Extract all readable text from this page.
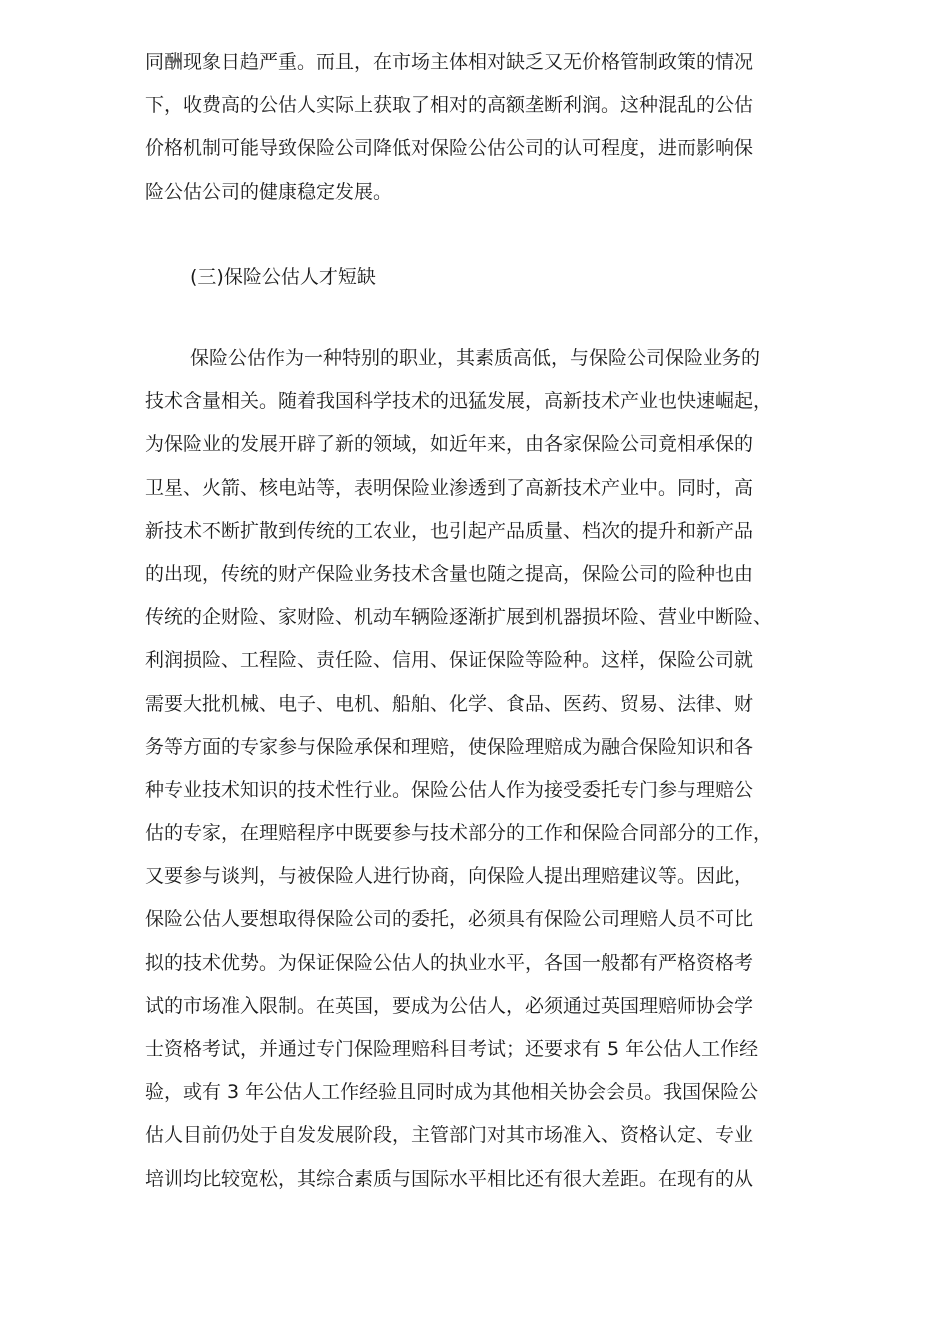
同酬现象日趋严重。而且，在市场主体相对缺乏又无价格管制政策的情况
下，收费高的公估人实际上获取了相对的高额垄断利润。这种混乱的公估
价格机制可能导致保险公司降低对保险公估公司的认可程度，进而影响保
险公估公司的健康稳定发展。
(三)保险公估人才短缺
保险公估作为一种特别的职业，其素质高低，与保险公司保险业务的
技术含量相关。随着我国科学技术的迅猛发展，高新技术产业也快速崛起，
为保险业的发展开辟了新的领域，如近年来，由各家保险公司竟相承保的
卫星、火箭、核电站等，表明保险业渗透到了高新技术产业中。同时，高
新技术不断扩散到传统的工农业，也引起产品质量、档次的提升和新产品
的出现，传统的财产保险业务技术含量也随之提高，保险公司的险种也由
传统的企财险、家财险、机动车辆险逐渐扩展到机器损坏险、营业中断险、
利润损险、工程险、责任险、信用、保证保险等险种。这样，保险公司就
需要大批机械、电子、电机、船舶、化学、食品、医药、贸易、法律、财
务等方面的专家参与保险承保和理赔，使保险理赔成为融合保险知识和各
种专业技术知识的技术性行业。保险公估人作为接受委托专门参与理赔公
估的专家，在理赔程序中既要参与技术部分的工作和保险合同部分的工作，
又要参与谈判，与被保险人进行协商，向保险人提出理赔建议等。因此，
保险公估人要想取得保险公司的委托，必须具有保险公司理赔人员不可比
拟的技术优势。为保证保险公估人的执业水平，各国一般都有严格资格考
试的市场准入限制。在英国，要成为公估人，必须通过英国理赔师协会学
士资格考试，并通过专门保险理赔科目考试；还要求有 5 年公估人工作经
验，或有 3 年公估人工作经验且同时成为其他相关协会会员。我国保险公
估人目前仍处于自发发展阶段，主管部门对其市场准入、资格认定、专业
培训均比较宽松，其综合素质与国际水平相比还有很大差距。在现有的从
